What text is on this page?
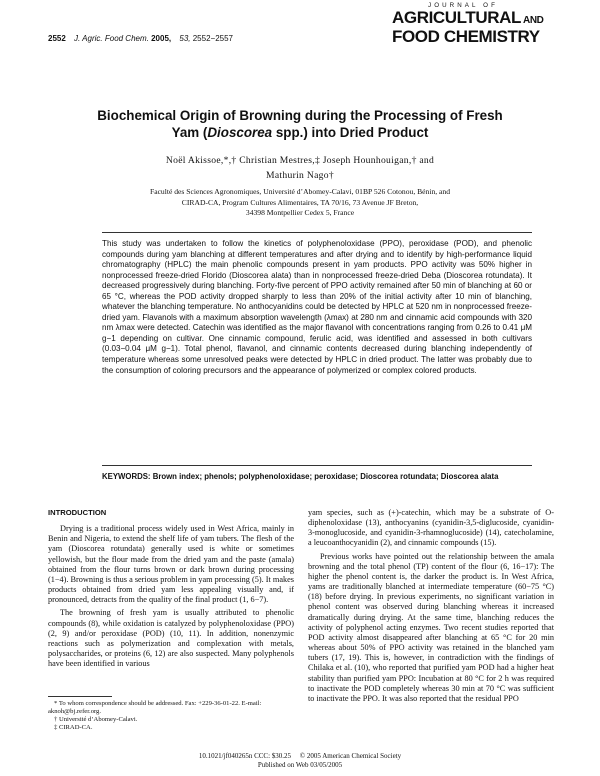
2552 J. Agric. Food Chem. 2005, 53, 2552−2557
JOURNAL OF
AGRICULTURAL AND
FOOD CHEMISTRY
Biochemical Origin of Browning during the Processing of Fresh
Yam (Dioscorea spp.) into Dried Product
Noël Akissoe,*,† Christian Mestres,‡ Joseph Hounhouigan,† and
Mathurin Nago†
Faculté des Sciences Agronomiques, Université d’Abomey-Calavi, 01BP 526 Cotonou, Bénin, and
CIRAD-CA, Program Cultures Alimentaires, TA 70/16, 73 Avenue JF Breton,
34398 Montpellier Cedex 5, France
This study was undertaken to follow the kinetics of polyphenoloxidase (PPO), peroxidase (POD), and phenolic compounds during yam blanching at different temperatures and after drying and to identify by high-performance liquid chromatography (HPLC) the main phenolic compounds present in yam products. PPO activity was 50% higher in nonprocessed freeze-dried Florido (Dioscorea alata) than in nonprocessed freeze-dried Deba (Dioscorea rotundata). It decreased progressively during blanching. Forty-five percent of PPO activity remained after 50 min of blanching at 60 or 65 °C, whereas the POD activity dropped sharply to less than 20% of the initial activity after 10 min of blanching, whatever the blanching temperature. No anthocyanidins could be detected by HPLC at 520 nm in nonprocessed freeze-dried yam. Flavanols with a maximum absorption wavelength (λmax) at 280 nm and cinnamic acid compounds with 320 nm λmax were detected. Catechin was identified as the major flavanol with concentrations ranging from 0.26 to 0.41 μM g−1 depending on cultivar. One cinnamic compound, ferulic acid, was identified and assessed in both cultivars (0.03−0.04 μM g−1). Total phenol, flavanol, and cinnamic contents decreased during blanching independently of temperature whereas some unresolved peaks were detected by HPLC in dried product. The latter was probably due to the consumption of coloring precursors and the appearance of polymerized or complex colored products.
KEYWORDS: Brown index; phenols; polyphenoloxidase; peroxidase; Dioscorea rotundata; Dioscorea alata
INTRODUCTION

Drying is a traditional process widely used in West Africa, mainly in Benin and Nigeria, to extend the shelf life of yam tubers. The flesh of the yam (Dioscorea rotundata) generally used is white or sometimes yellowish, but the flour made from the dried yam and the paste (amala) obtained from the flour turns brown or dark brown during processing (1−4). Browning is thus a serious problem in yam processing (5). It makes products obtained from dried yam less appealing visually and, if pronounced, detracts from the quality of the final product (1, 6−7).

The browning of fresh yam is usually attributed to phenolic compounds (8), while oxidation is catalyzed by polyphenoloxidase (PPO) (2, 9) and/or peroxidase (POD) (10, 11). In addition, nonenzymic reactions such as polymerization and complexation with metals, polysaccharides, or proteins (6, 12) are also suspected. Many polyphenols have been identified in various

yam species, such as (+)-catechin, which may be a substrate of O-diphenoloxidase (13), anthocyanins (cyanidin-3,5-diglucoside, cyanidin-3-monoglucoside, and cyanidin-3-rhamnoglucoside) (14), catecholamine, a leucoanthocyanidin (2), and cinnamic compounds (15).

Previous works have pointed out the relationship between the amala browning and the total phenol (TP) content of the flour (6, 16−17): The higher the phenol content is, the darker the product is. In West Africa, yams are traditionally blanched at intermediate temperature (60−75 °C) (18) before drying. In previous experiments, no significant variation in phenol content was observed during blanching whereas it increased dramatically during drying. At the same time, blanching reduces the activity of polyphenol acting enzymes. Two recent studies reported that POD activity almost disappeared after blanching at 65 °C for 20 min whereas about 50% of PPO activity was retained in the blanched yam tubers (17, 19). This is, however, in contradiction with the findings of Chilaka et al. (10), who reported that purified yam POD had a higher heat stability than purified yam PPO: Incubation at 80 °C for 2 h was required to inactivate the POD completely whereas 30 min at 70 °C was sufficient to inactivate the PPO. It was also reported that the residual PPO

* To whom correspondence should be addressed. Fax: +229-36-01-22. E-mail: aknoh@bj.refer.org.
† Université d’Abomey-Calavi.
‡ CIRAD-CA.
10.1021/jf040265n CCC: $30.25     © 2005 American Chemical Society
Published on Web 03/05/2005
